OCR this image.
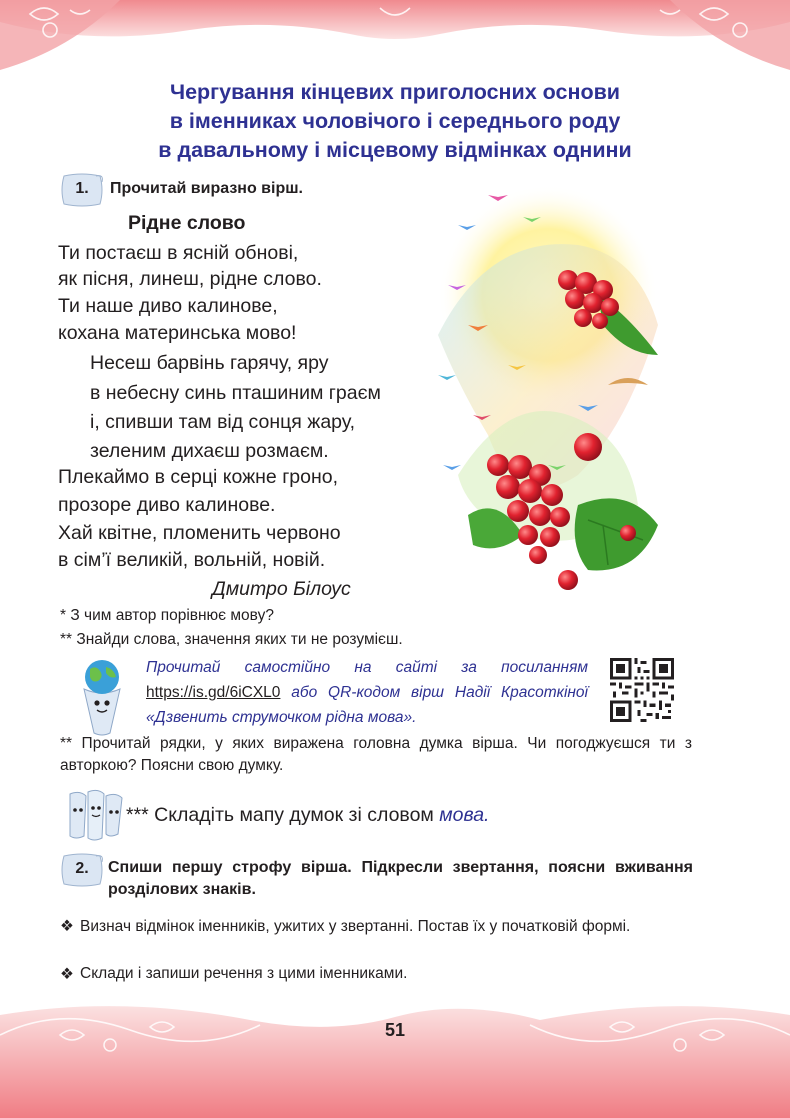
Чергування кінцевих приголосних основи
в іменниках чоловічого і середнього роду
в давальному і місцевому відмінках однини
1.	Прочитай виразно вірш.
Рідне слово
Ти постаєш в ясній обнові,
як пісня, линеш, рідне слово.
Ти наше диво калинове,
кохана материнська мово!
Несеш барвінь гарячу, яру
в небесну синь пташиним граєм
і, спивши там від сонця жару,
зеленим дихаєш розмаєм.
Плекаймо в серці кожне гроно,
прозоре диво калинове.
Хай квітне, пломенить червоно
в сім’ї великій, вольній, новій.
Дмитро Білоус
* З чим автор порівнює мову?
** Знайди слова, значення яких ти не розумієш.
Прочитай самостійно на сайті за посиланням https://is.gd/6iCXL0 або QR-кодом вірш Надії Красоткіної «Дзвенить струмочком рідна мова».
** Прочитай рядки, у яких виражена головна думка вірша. Чи погоджуєшся ти з авторкою? Поясни свою думку.
*** Складіть мапу думок зі словом мова.
2.	Спиши першу строфу вірша. Підкресли звертання, поясни вживання розділових знаків.
❖ Визнач відмінок іменників, ужитих у звертанні. Постав їх у початковій формі.
❖ Склади і запиши речення з цими іменниками.
51
